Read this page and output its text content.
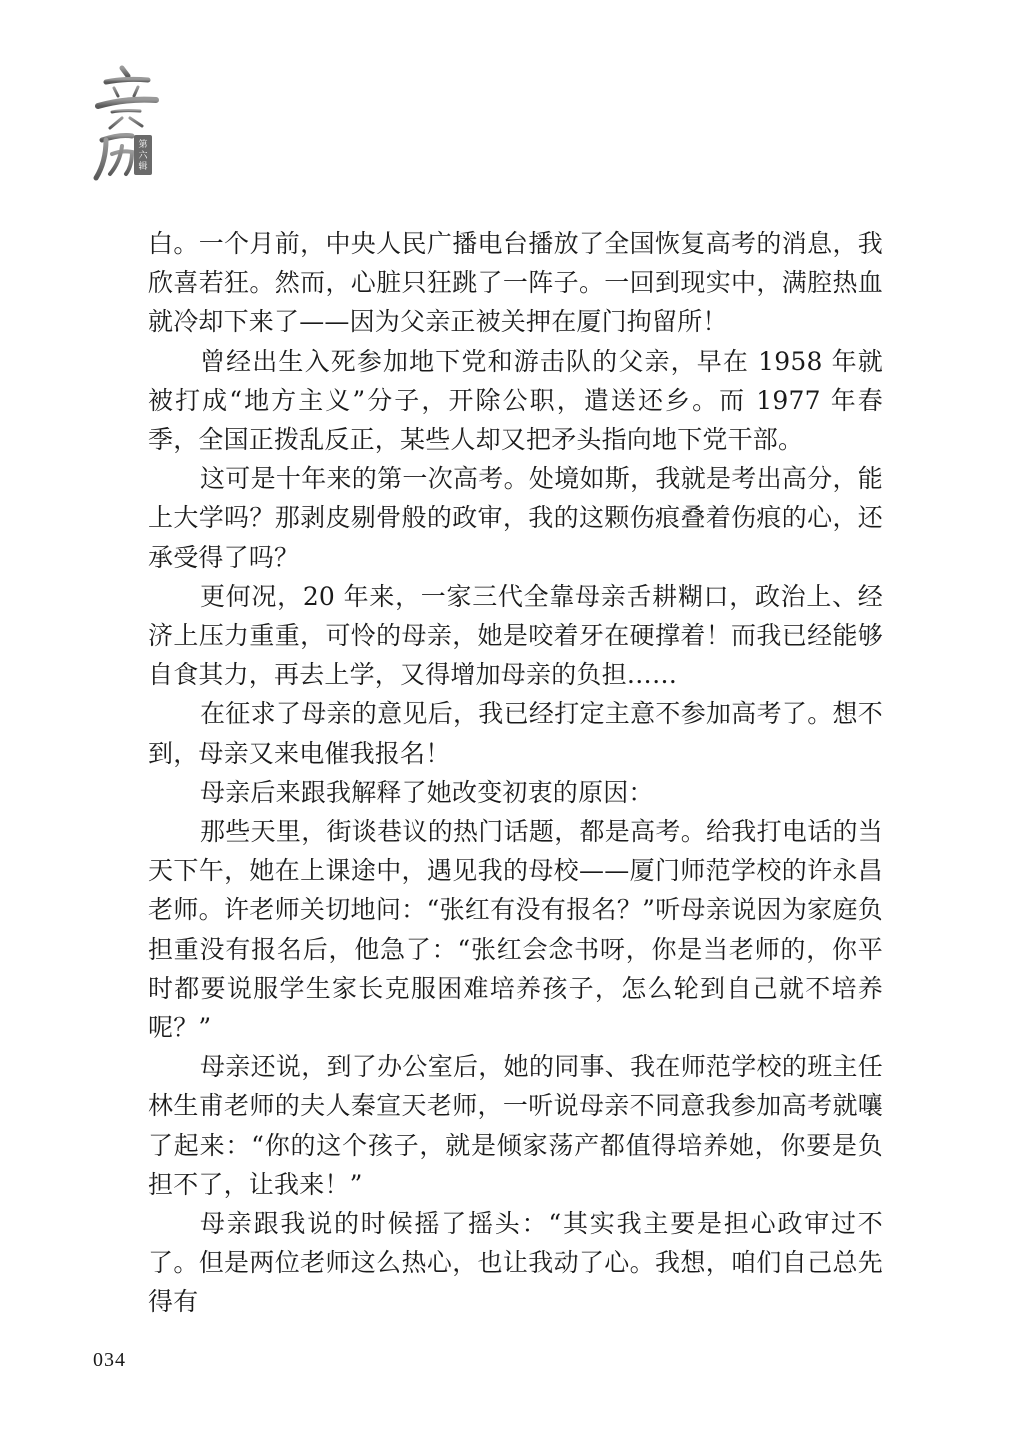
第
六
辑

白。一个月前，中央人民广播电台播放了全国恢复高考的消息，我欣喜若狂。然而，心脏只狂跳了一阵子。一回到现实中，满腔热血就冷却下来了——因为父亲正被关押在厦门拘留所！

曾经出生入死参加地下党和游击队的父亲，早在 1958 年就被打成“地方主义”分子，开除公职，遣送还乡。而 1977 年春季，全国正拨乱反正，某些人却又把矛头指向地下党干部。

这可是十年来的第一次高考。处境如斯，我就是考出高分，能上大学吗？那剥皮剔骨般的政审，我的这颗伤痕叠着伤痕的心，还承受得了吗？

更何况，20 年来，一家三代全靠母亲舌耕糊口，政治上、经济上压力重重，可怜的母亲，她是咬着牙在硬撑着！而我已经能够自食其力，再去上学，又得增加母亲的负担……

在征求了母亲的意见后，我已经打定主意不参加高考了。想不到，母亲又来电催我报名！

母亲后来跟我解释了她改变初衷的原因：

那些天里，街谈巷议的热门话题，都是高考。给我打电话的当天下午，她在上课途中，遇见我的母校——厦门师范学校的许永昌老师。许老师关切地问：“张红有没有报名？”听母亲说因为家庭负担重没有报名后，他急了：“张红会念书呀，你是当老师的，你平时都要说服学生家长克服困难培养孩子，怎么轮到自己就不培养呢？”

母亲还说，到了办公室后，她的同事、我在师范学校的班主任林生甫老师的夫人秦宣天老师，一听说母亲不同意我参加高考就嚷了起来：“你的这个孩子，就是倾家荡产都值得培养她，你要是负担不了，让我来！”

母亲跟我说的时候摇了摇头：“其实我主要是担心政审过不了。但是两位老师这么热心，也让我动了心。我想，咱们自己总先得有

034
